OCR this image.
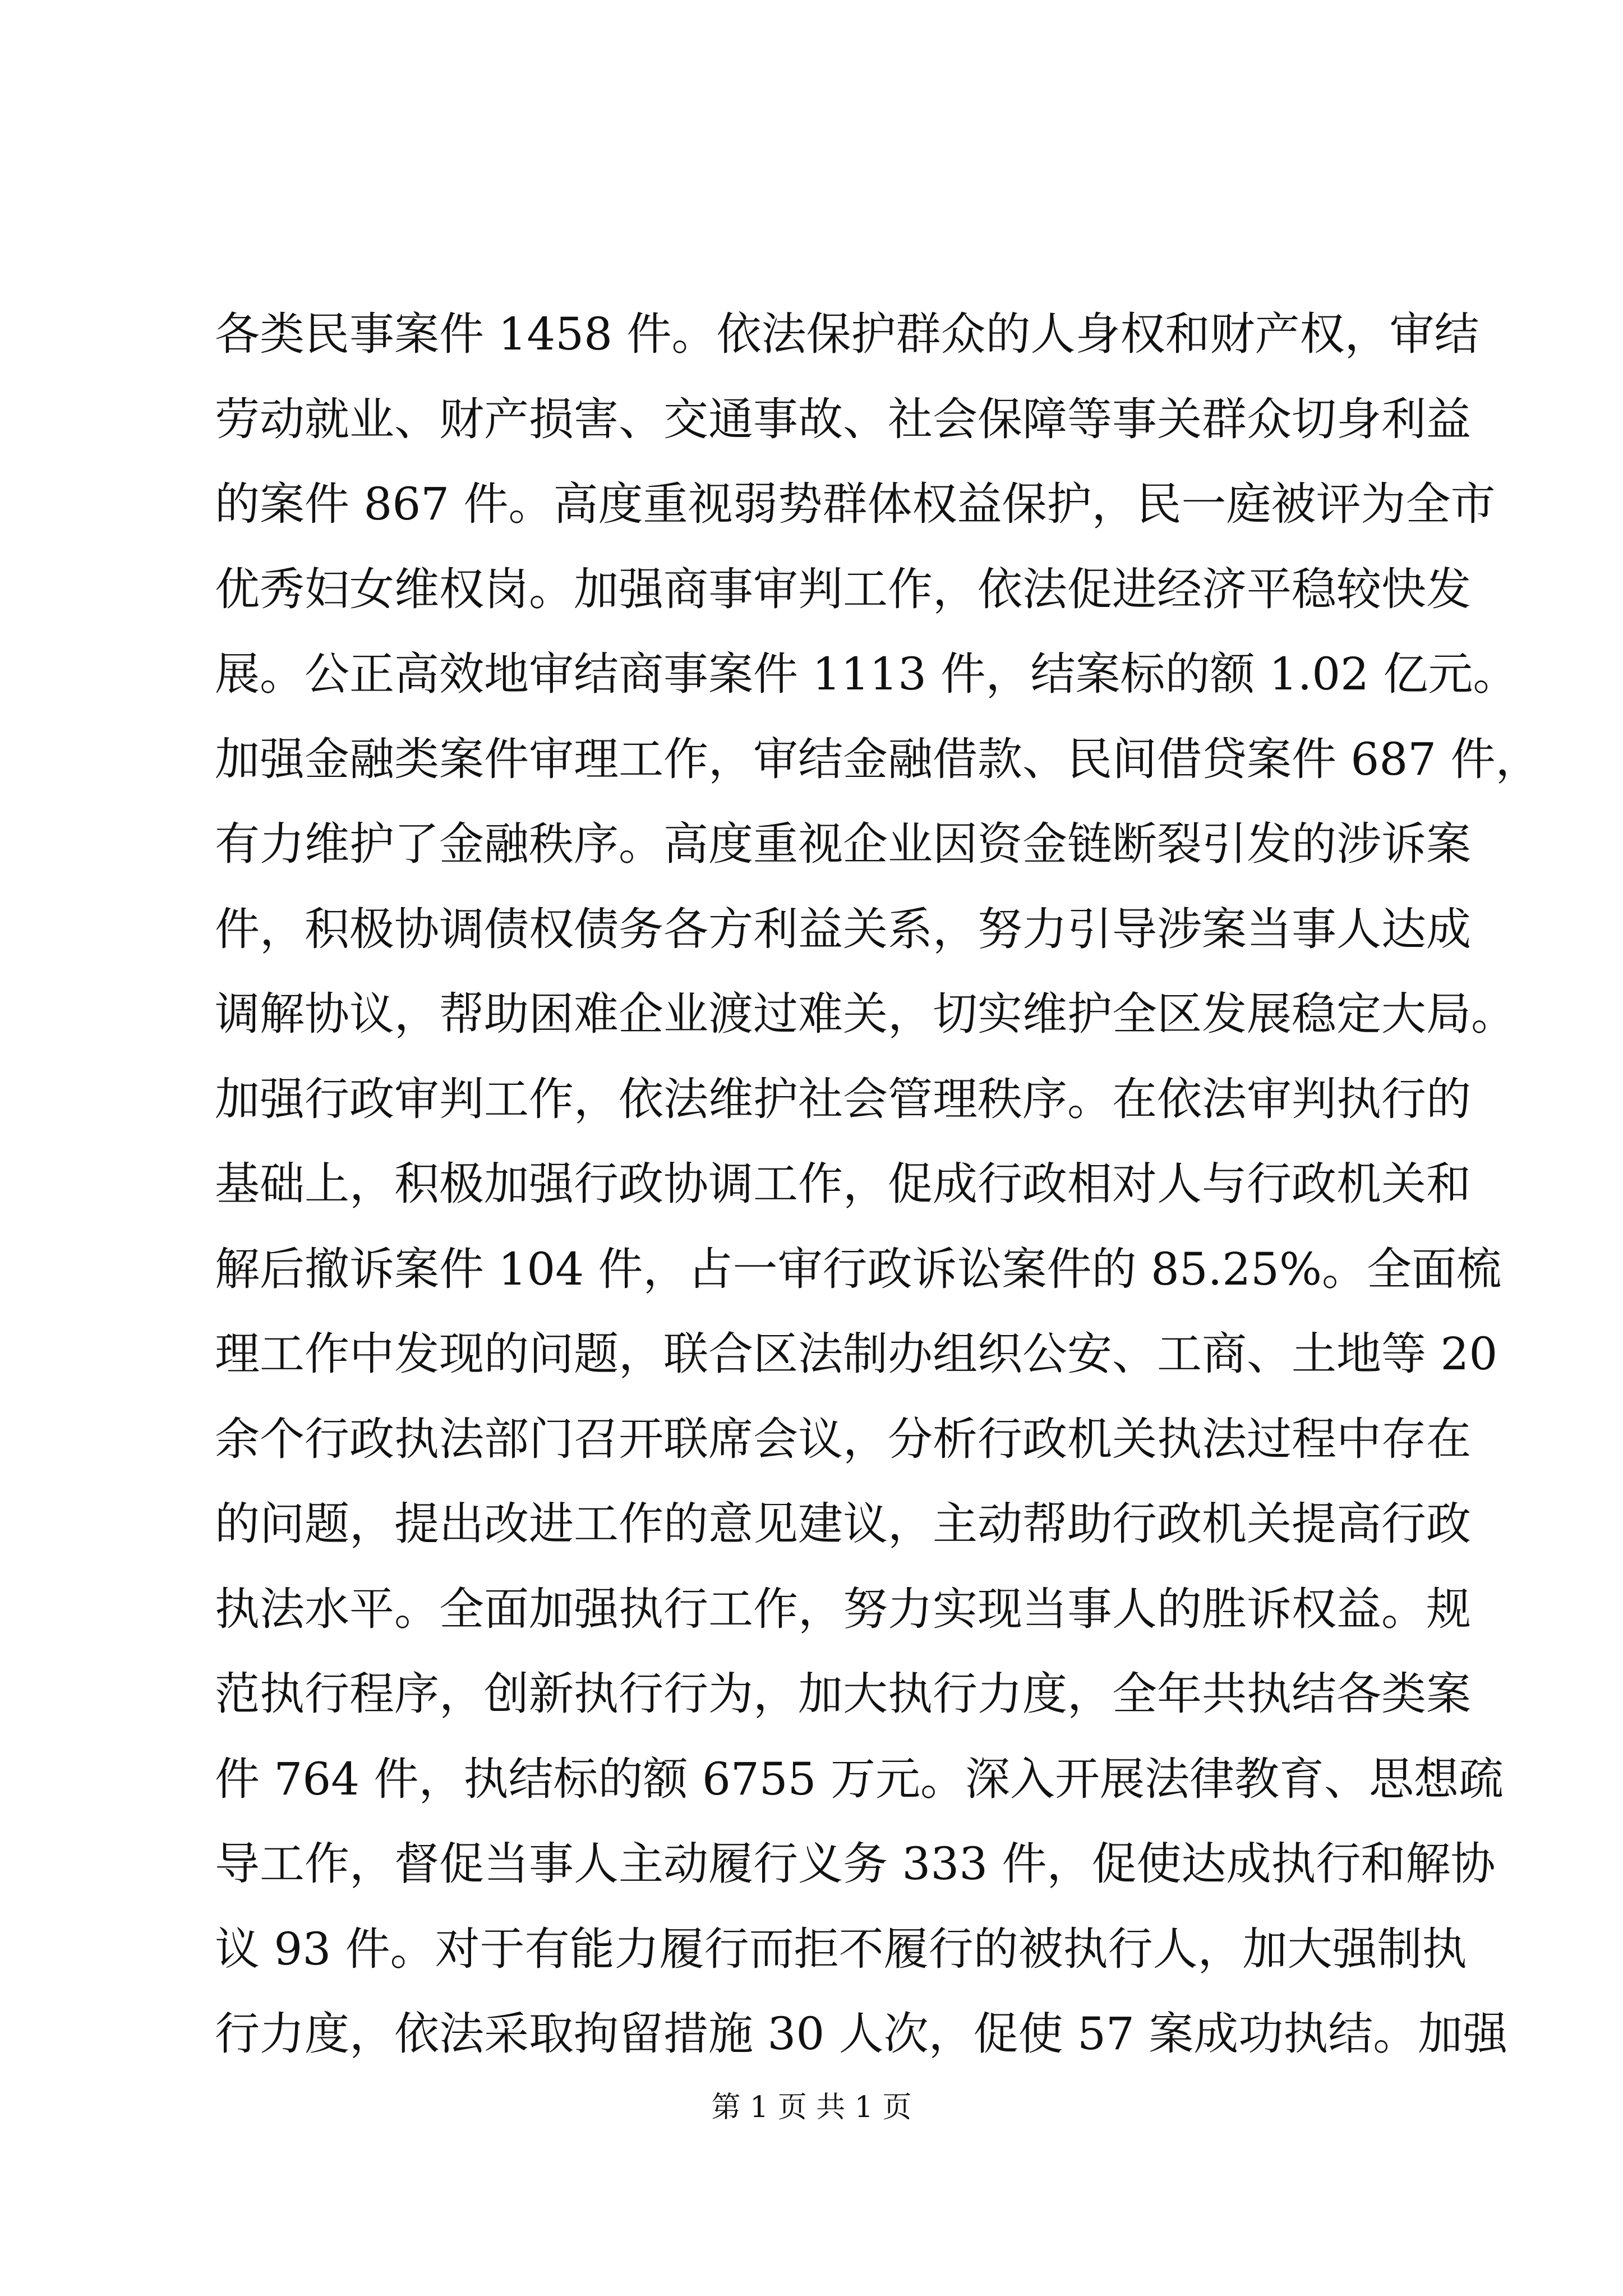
各类民事案件 1458 件。依法保护群众的人身权和财产权，审结
劳动就业、财产损害、交通事故、社会保障等事关群众切身利益
的案件 867 件。高度重视弱势群体权益保护，民一庭被评为全市
优秀妇女维权岗。加强商事审判工作，依法促进经济平稳较快发
展。公正高效地审结商事案件 1113 件，结案标的额 1.02 亿元。
加强金融类案件审理工作，审结金融借款、民间借贷案件 687 件，
有力维护了金融秩序。高度重视企业因资金链断裂引发的涉诉案
件，积极协调债权债务各方利益关系，努力引导涉案当事人达成
调解协议，帮助困难企业渡过难关，切实维护全区发展稳定大局。
加强行政审判工作，依法维护社会管理秩序。在依法审判执行的
基础上，积极加强行政协调工作，促成行政相对人与行政机关和
解后撤诉案件 104 件，占一审行政诉讼案件的 85.25%。全面梳
理工作中发现的问题，联合区法制办组织公安、工商、土地等 20
余个行政执法部门召开联席会议，分析行政机关执法过程中存在
的问题，提出改进工作的意见建议，主动帮助行政机关提高行政
执法水平。全面加强执行工作，努力实现当事人的胜诉权益。规
范执行程序，创新执行行为，加大执行力度，全年共执结各类案
件 764 件，执结标的额 6755 万元。深入开展法律教育、思想疏
导工作，督促当事人主动履行义务 333 件，促使达成执行和解协
议 93 件。对于有能力履行而拒不履行的被执行人，加大强制执
行力度，依法采取拘留措施 30 人次，促使 57 案成功执结。加强
第 1 页 共 1 页
